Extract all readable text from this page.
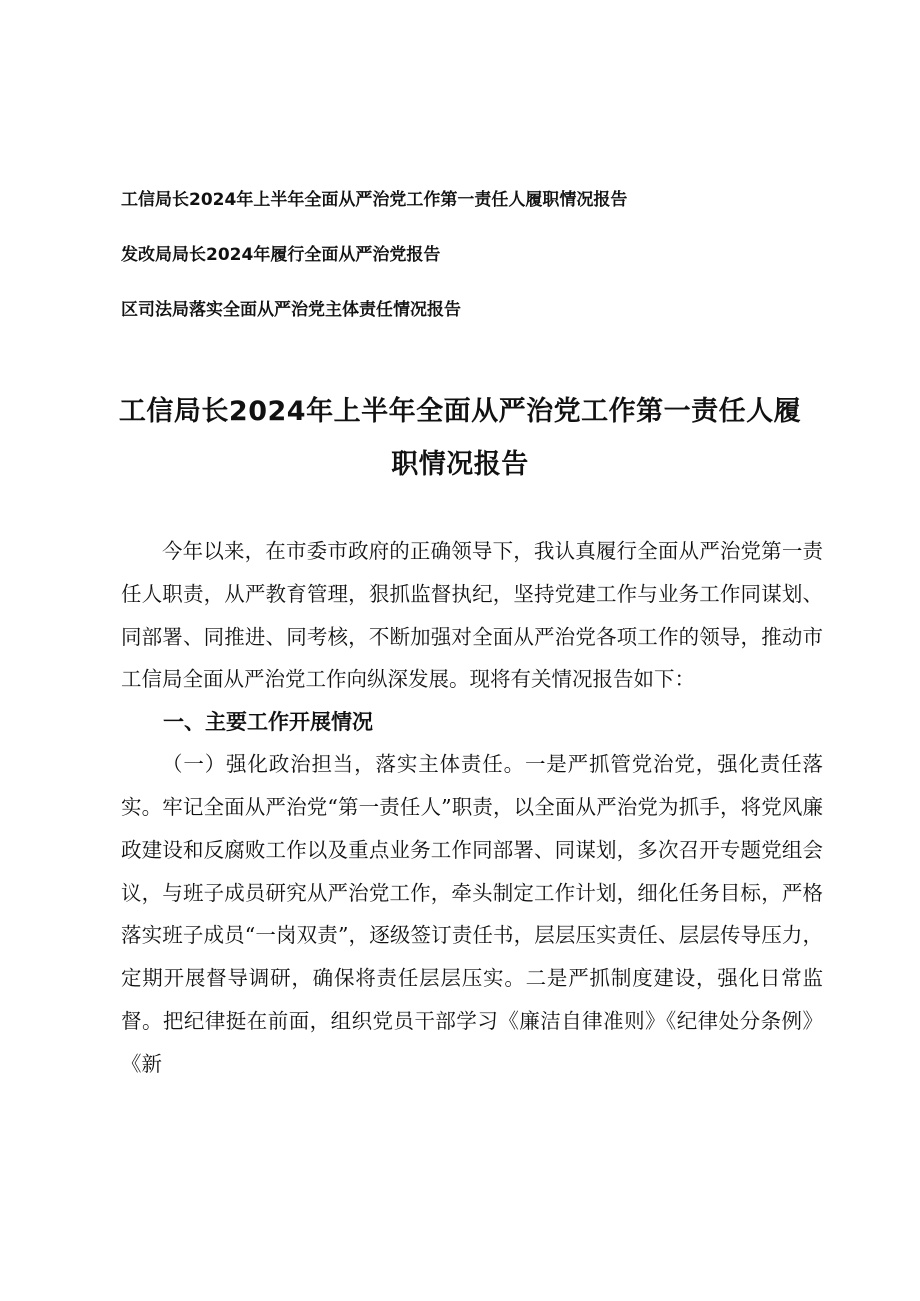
工信局长2024年上半年全面从严治党工作第一责任人履职情况报告
发改局局长2024年履行全面从严治党报告
区司法局落实全面从严治党主体责任情况报告
工信局长2024年上半年全面从严治党工作第一责任人履
职情况报告

今年以来，在市委市政府的正确领导下，我认真履行全面从严治党第一责任人职责，从严教育管理，狠抓监督执纪，坚持党建工作与业务工作同谋划、同部署、同推进、同考核，不断加强对全面从严治党各项工作的领导，推动市工信局全面从严治党工作向纵深发展。现将有关情况报告如下：

一、主要工作开展情况

（一）强化政治担当，落实主体责任。一是严抓管党治党，强化责任落实。牢记全面从严治党“第一责任人”职责，以全面从严治党为抓手，将党风廉政建设和反腐败工作以及重点业务工作同部署、同谋划，多次召开专题党组会议，与班子成员研究从严治党工作，牵头制定工作计划，细化任务目标，严格落实班子成员“一岗双责”，逐级签订责任书，层层压实责任、层层传导压力，定期开展督导调研，确保将责任层层压实。二是严抓制度建设，强化日常监督。把纪律挺在前面，组织党员干部学习《廉洁自律准则》《纪律处分条例》《新
